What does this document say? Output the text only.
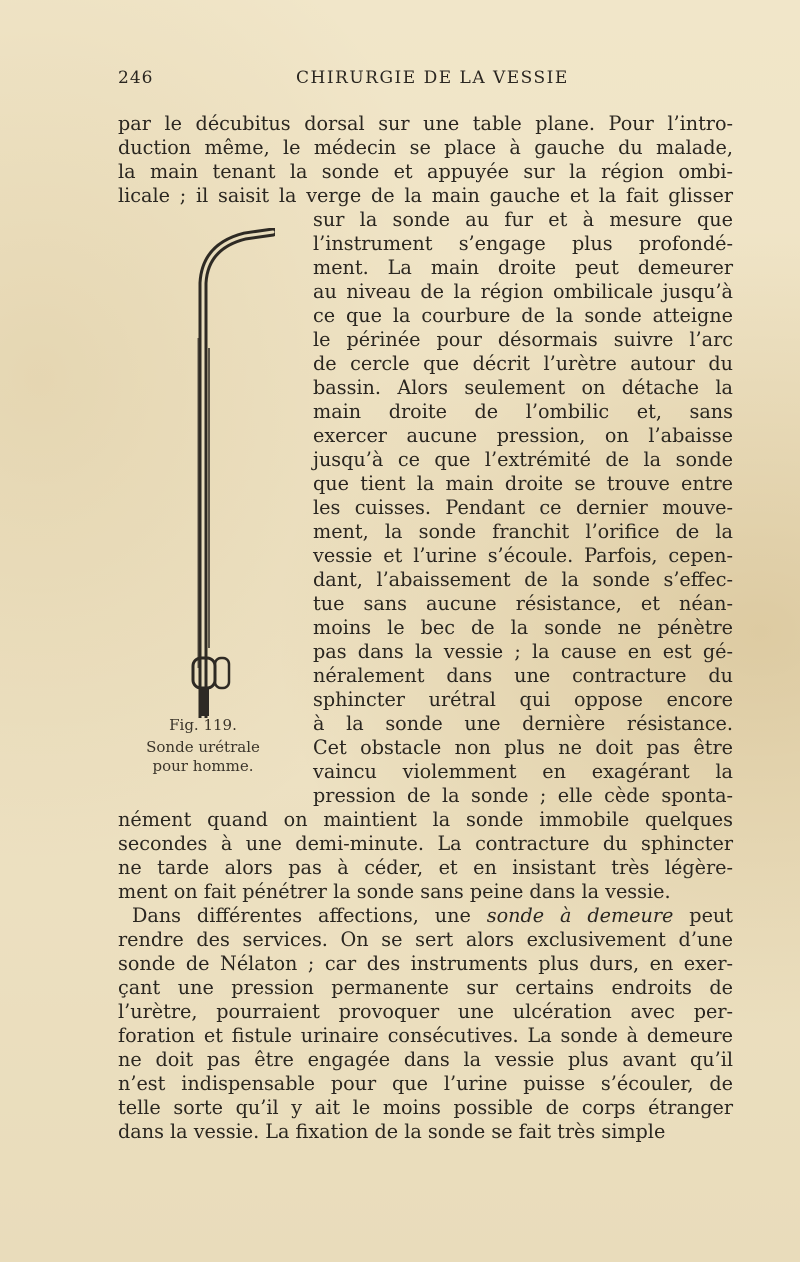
246	CHIRURGIE DE LA VESSIE
par le décubitus dorsal sur une table plane. Pour l’intro-
duction même, le médecin se place à gauche du malade,
la main tenant la sonde et appuyée sur la région ombi-
licale ; il saisit la verge de la main gauche et la fait glisser
sur la sonde au fur et à mesure que
l’instrument s’engage plus profondé-
ment. La main droite peut demeurer
au niveau de la région ombilicale jusqu’à
ce que la courbure de la sonde atteigne
le périnée pour désormais suivre l’arc
de cercle que décrit l’urètre autour du
bassin. Alors seulement on détache la
main droite de l’ombilic et, sans
exercer aucune pression, on l’abaisse
jusqu’à ce que l’extrémité de la sonde
que tient la main droite se trouve entre
les cuisses. Pendant ce dernier mouve-
ment, la sonde franchit l’orifice de la
vessie et l’urine s’écoule. Parfois, cepen-
dant, l’abaissement de la sonde s’effec-
tue sans aucune résistance, et néan-
moins le bec de la sonde ne pénètre
pas dans la vessie ; la cause en est gé-
néralement dans une contracture du
sphincter urétral qui oppose encore
à la sonde une dernière résistance.
Cet obstacle non plus ne doit pas être
vaincu violemment en exagérant la
pression de la sonde ; elle cède sponta-
nément quand on maintient la sonde immobile quelques
secondes à une demi-minute. La contracture du sphincter
ne tarde alors pas à céder, et en insistant très légère-
ment on fait pénétrer la sonde sans peine dans la vessie.
Dans différentes affections, une sonde à demeure peut
rendre des services. On se sert alors exclusivement d’une
sonde de Nélaton ; car des instruments plus durs, en exer-
çant une pression permanente sur certains endroits de
l’urètre, pourraient provoquer une ulcération avec per-
foration et fistule urinaire consécutives. La sonde à demeure
ne doit pas être engagée dans la vessie plus avant qu’il
n’est indispensable pour que l’urine puisse s’écouler, de
telle sorte qu’il y ait le moins possible de corps étranger
dans la vessie. La fixation de la sonde se fait très simple
Fig. 119.
Sonde urétrale
pour homme.
